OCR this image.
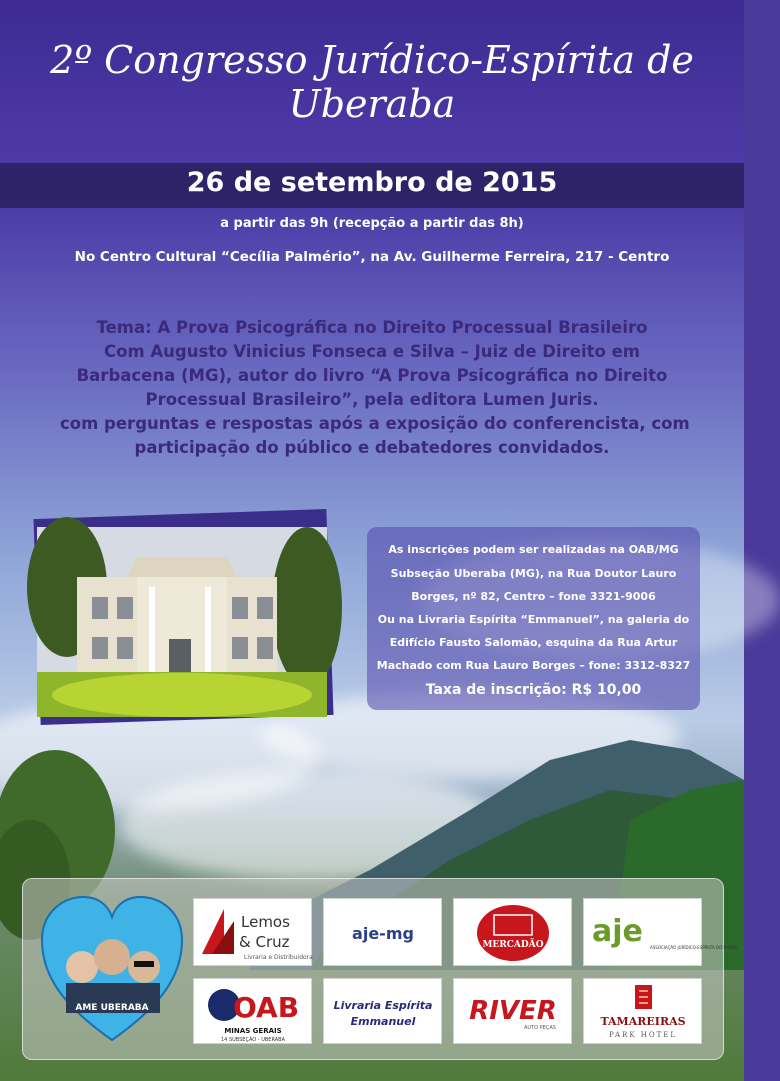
2º Congresso Jurídico-Espírita de Uberaba
26 de setembro de 2015
a partir das 9h (recepção a partir das 8h)
No Centro Cultural “Cecília Palmério”, na Av. Guilherme Ferreira, 217 - Centro
Tema: A Prova Psicográfica no Direito Processual Brasileiro
Com Augusto Vinicius Fonseca e Silva – Juiz de Direito em
Barbacena (MG), autor do livro “A Prova Psicográfica no Direito
Processual Brasileiro”, pela editora Lumen Juris.
com perguntas e respostas após a exposição do conferencista, com
participação do público e debatedores convidados.
As inscrições podem ser realizadas na OAB/MG
Subseção Uberaba (MG), na Rua Doutor Lauro
Borges, nº 82, Centro – fone 3321-9006
Ou na Livraria Espírita “Emmanuel”, na galeria do
Edifício Fausto Salomão, esquina da Rua Artur
Machado com Rua Lauro Borges – fone: 3312-8327
Taxa de inscrição: R$ 10,00
AME UBERABA
Lemos
& Cruz
Livraria e Distribuidora
aje-mg
MERCADÃO aje ASSOCIAÇÃO JURÍDICO-ESPÍRITA DO BRASIL
OAB
MINAS GERAIS
14 SUBSEÇÃO - UBERABA
Livraria Espírita
Emmanuel RIVER
AUTO PEÇAS	TAMAREIRAS
PARK HOTEL
